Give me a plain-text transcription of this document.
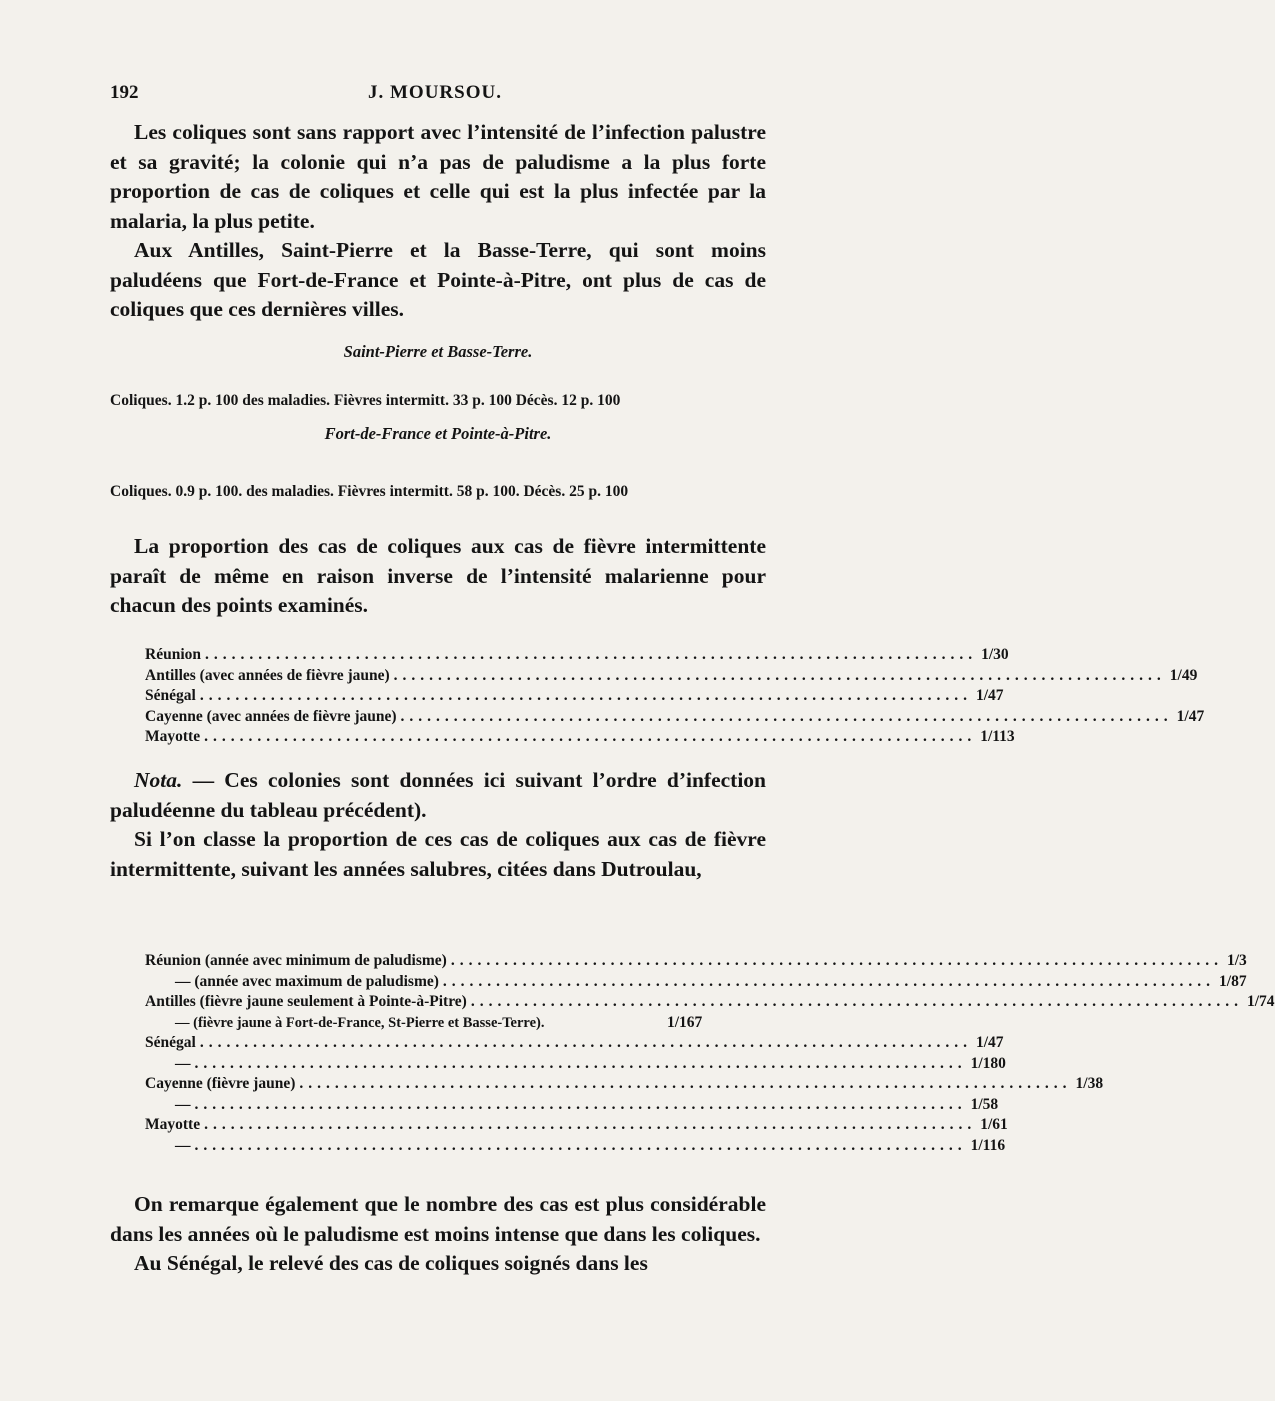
192	J. MOURSOU.

Les coliques sont sans rapport avec l’intensité de l’infection palustre et sa gravité; la colonie qui n’a pas de paludisme a la plus forte proportion de cas de coliques et celle qui est la plus infectée par la malaria, la plus petite.

Aux Antilles, Saint-Pierre et la Basse-Terre, qui sont moins paludéens que Fort-de-France et Pointe-à-Pitre, ont plus de cas de coliques que ces dernières villes.

Saint-Pierre et Basse-Terre.
Coliques. 1.2 p. 100 des maladies. Fièvres intermitt. 33 p. 100 Décès. 12 p. 100
Fort-de-France et Pointe-à-Pitre.
Coliques. 0.9 p. 100. des maladies. Fièvres intermitt. 58 p. 100. Décès. 25 p. 100

La proportion des cas de coliques aux cas de fièvre intermittente paraît de même en raison inverse de l’intensité malarienne pour chacun des points examinés.

Réunion ....................................................................................... 1/30
Antilles (avec années de fièvre jaune) ....................................................................................... 1/49
Sénégal ....................................................................................... 1/47
Cayenne (avec années de fièvre jaune) ....................................................................................... 1/47
Mayotte ....................................................................................... 1/113

Nota. — Ces colonies sont données ici suivant l’ordre d’infection paludéenne du tableau précédent).

Si l’on classe la proportion de ces cas de coliques aux cas de fièvre intermittente, suivant les années salubres, citées dans Dutroulau,

Réunion (année avec minimum de paludisme) ....................................................................................... 1/3
— (année avec maximum de paludisme) ....................................................................................... 1/87
Antilles (fièvre jaune seulement à Pointe-à-Pitre) ....................................................................................... 1/74
— (fièvre jaune à Fort-de-France, St-Pierre et Basse-Terre).	1/167
Sénégal ....................................................................................... 1/47
— ....................................................................................... 1/180
Cayenne (fièvre jaune) ....................................................................................... 1/38
— ....................................................................................... 1/58
Mayotte ....................................................................................... 1/61
— ....................................................................................... 1/116

On remarque également que le nombre des cas est plus considérable dans les années où le paludisme est moins intense que dans les coliques.

Au Sénégal, le relevé des cas de coliques soignés dans les
